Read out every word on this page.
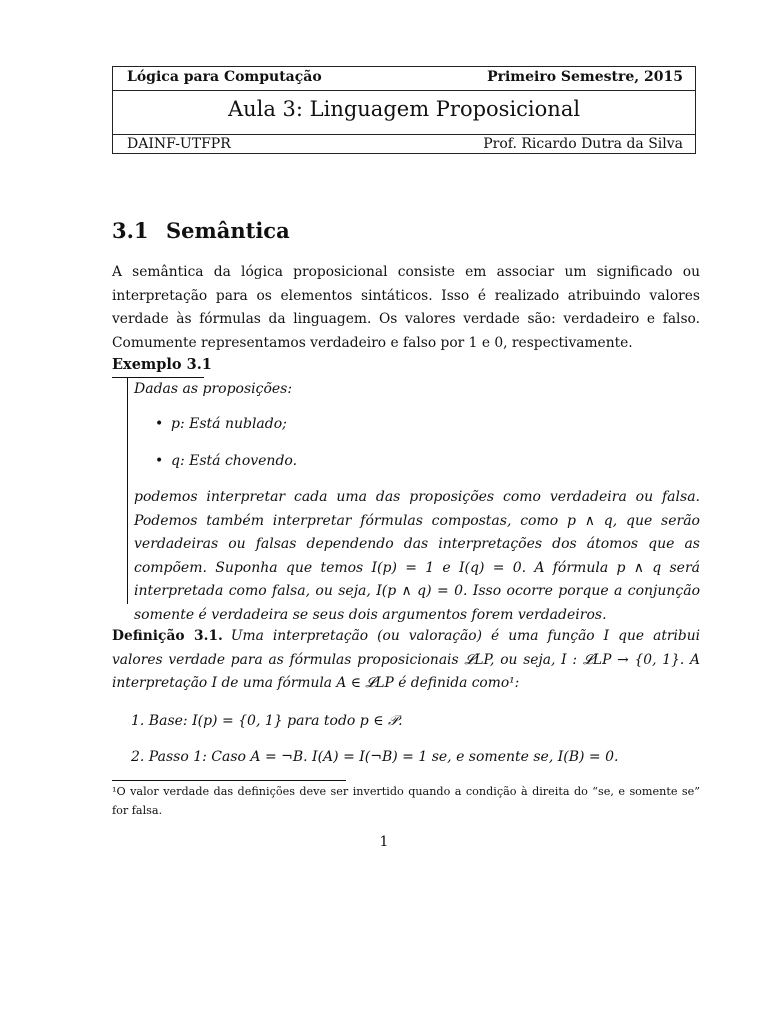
Lógica para Computação	Primeiro Semestre, 2015
Aula 3: Linguagem Proposicional
DAINF-UTFPR	Prof. Ricardo Dutra da Silva
3.1 Semântica
A semântica da lógica proposicional consiste em associar um significado ou interpretação para os elementos sintáticos. Isso é realizado atribuindo valores verdade às fórmulas da linguagem. Os valores verdade são: verdadeiro e falso. Comumente representamos verdadeiro e falso por 1 e 0, respectivamente.
Exemplo 3.1
Dadas as proposições:
• p: Está nublado;
• q: Está chovendo.
podemos interpretar cada uma das proposições como verdadeira ou falsa. Podemos também interpretar fórmulas compostas, como p ∧ q, que serão verdadeiras ou falsas dependendo das interpretações dos átomos que as compõem. Suponha que temos I(p) = 1 e I(q) = 0. A fórmula p ∧ q será interpretada como falsa, ou seja, I(p ∧ q) = 0. Isso ocorre porque a conjunção somente é verdadeira se seus dois argumentos forem verdadeiros.
Definição 3.1. Uma interpretação (ou valoração) é uma função I que atribui valores verdade para as fórmulas proposicionais 𝓛LP, ou seja, I : 𝓛LP → {0, 1}. A interpretação I de uma fórmula A ∈ 𝓛LP é definida como¹:
1. Base: I(p) = {0, 1} para todo p ∈ 𝒫.
2. Passo 1: Caso A = ¬B. I(A) = I(¬B) = 1 se, e somente se, I(B) = 0.
¹O valor verdade das definições deve ser invertido quando a condição à direita do “se, e somente se” for falsa.
1
